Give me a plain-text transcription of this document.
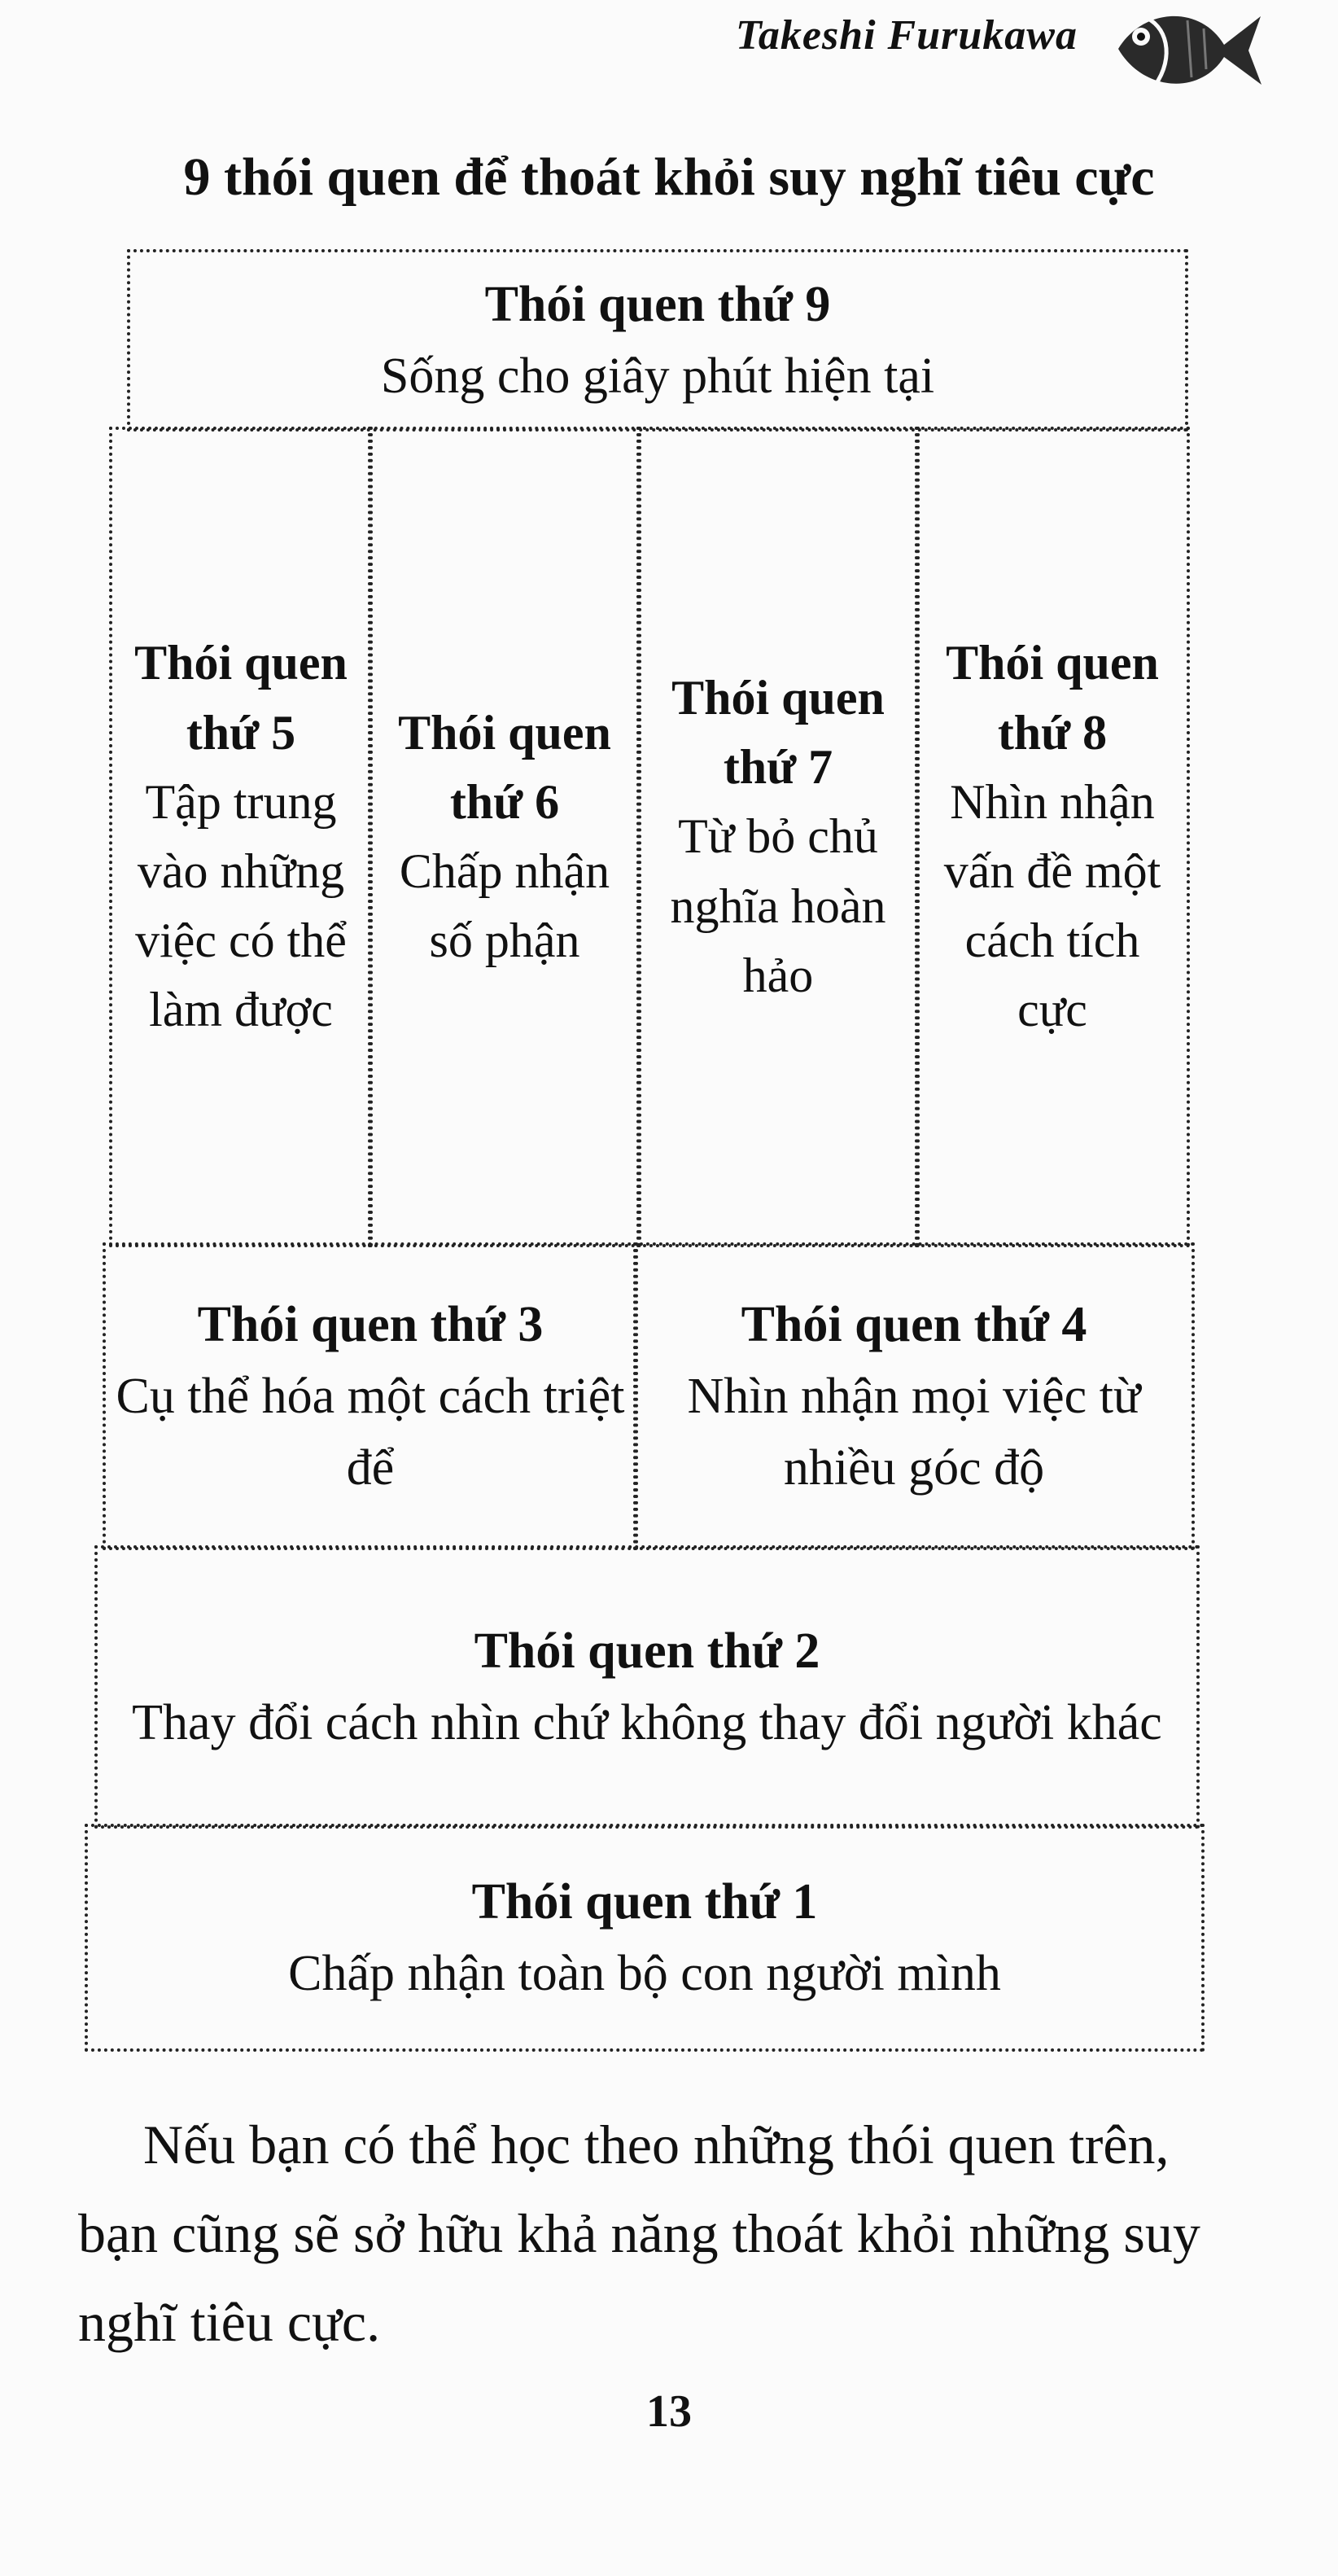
Takeshi Furukawa
9 thói quen để thoát khỏi suy nghĩ tiêu cực
Thói quen thứ 9
Sống cho giây phút hiện tại
Thói quen thứ 5
Tập trung vào những việc có thể làm được
Thói quen thứ 6
Chấp nhận số phận
Thói quen thứ 7
Từ bỏ chủ nghĩa hoàn hảo
Thói quen thứ 8
Nhìn nhận vấn đề một cách tích cực
Thói quen thứ 3
Cụ thể hóa một cách triệt để
Thói quen thứ 4
Nhìn nhận mọi việc từ nhiều góc độ
Thói quen thứ 2
Thay đổi cách nhìn chứ không thay đổi người khác
Thói quen thứ 1
Chấp nhận toàn bộ con người mình

Nếu bạn có thể học theo những thói quen trên, bạn cũng sẽ sở hữu khả năng thoát khỏi những suy nghĩ tiêu cực.

13
